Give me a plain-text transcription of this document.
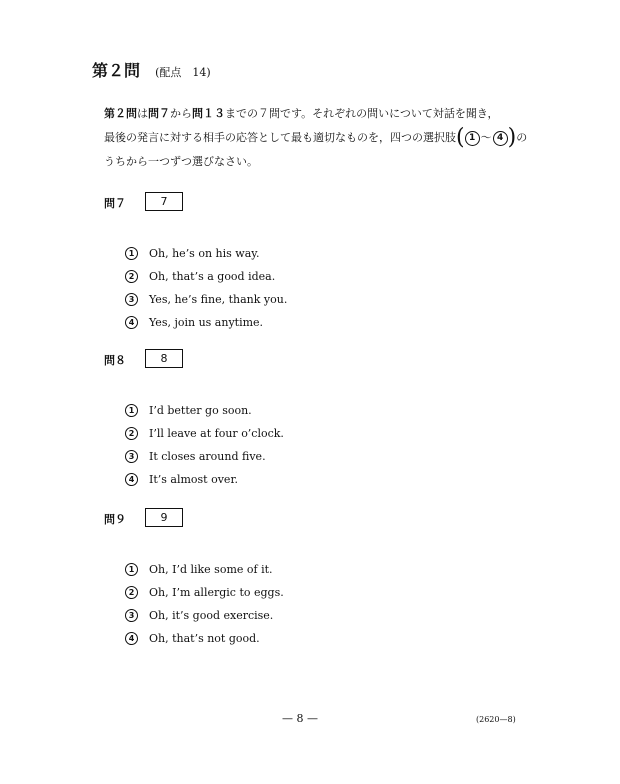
第２問 (配点　14)

第２問は問７から問１３までの７問です。それぞれの問いについて対話を聞き，

最後の発言に対する相手の応答として最も適切なものを，四つの選択肢 ( 1 ～ 4 ) の

うちから一つずつ選びなさい。

問７	7
1	Oh, he’s on his way.
2	Oh, that’s a good idea.
3	Yes, he’s fine, thank you.
4	Yes, join us anytime.
問８	8
1	I’d better go soon.
2	I’ll leave at four o’clock.
3	It closes around five.
4	It’s almost over.
問９	9
1	Oh, I’d like some of it.
2	Oh, I’m allergic to eggs.
3	Oh, it’s good exercise.
4	Oh, that’s not good.
— 8 —	(2620—8)
